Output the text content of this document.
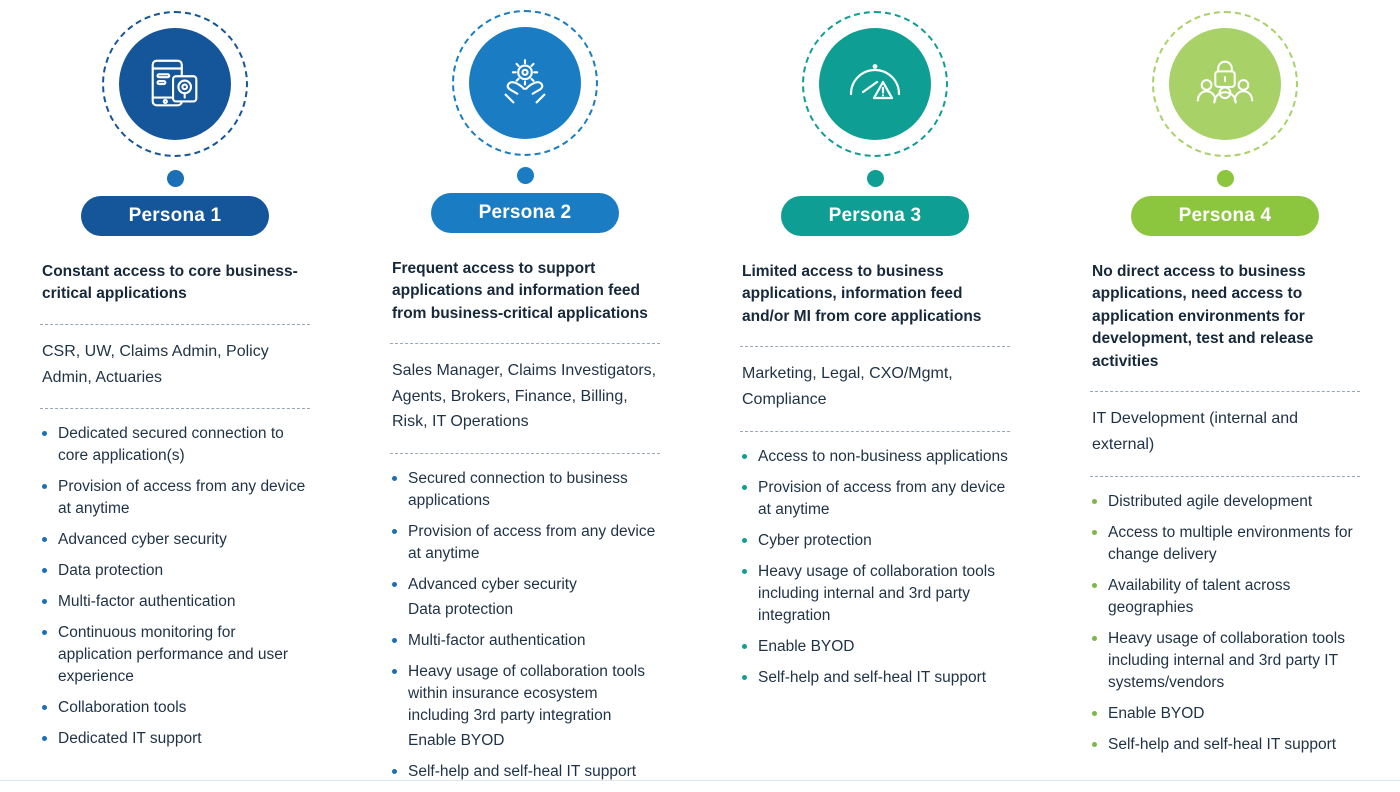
Persona 1
Constant access to core business-critical applications
CSR, UW, Claims Admin, Policy Admin, Actuaries
Dedicated secured connection to core application(s)
Provision of access from any device at anytime
Advanced cyber security
Data protection
Multi-factor authentication
Continuous monitoring for application performance and user experience
Collaboration tools
Dedicated IT support
Persona 2
Frequent access to support applications and information feed from business-critical applications
Sales Manager, Claims Investigators, Agents, Brokers, Finance, Billing, Risk, IT Operations
Secured connection to business applications
Provision of access from any device at anytime
Advanced cyber security
Data protection
Multi-factor authentication
Heavy usage of collaboration tools within insurance ecosystem including 3rd party integration
Enable BYOD
Self-help and self-heal IT support
Persona 3
Limited access to business applications, information feed and/or MI from core applications
Marketing, Legal, CXO/Mgmt, Compliance
Access to non-business applications
Provision of access from any device at anytime
Cyber protection
Heavy usage of collaboration tools including internal and 3rd party integration
Enable BYOD
Self-help and self-heal IT support
Persona 4
No direct access to business applications, need access to application environments for development, test and release activities
IT Development (internal and external)
Distributed agile development
Access to multiple environments for change delivery
Availability of talent across geographies
Heavy usage of collaboration tools including internal and 3rd party IT systems/vendors
Enable BYOD
Self-help and self-heal IT support
